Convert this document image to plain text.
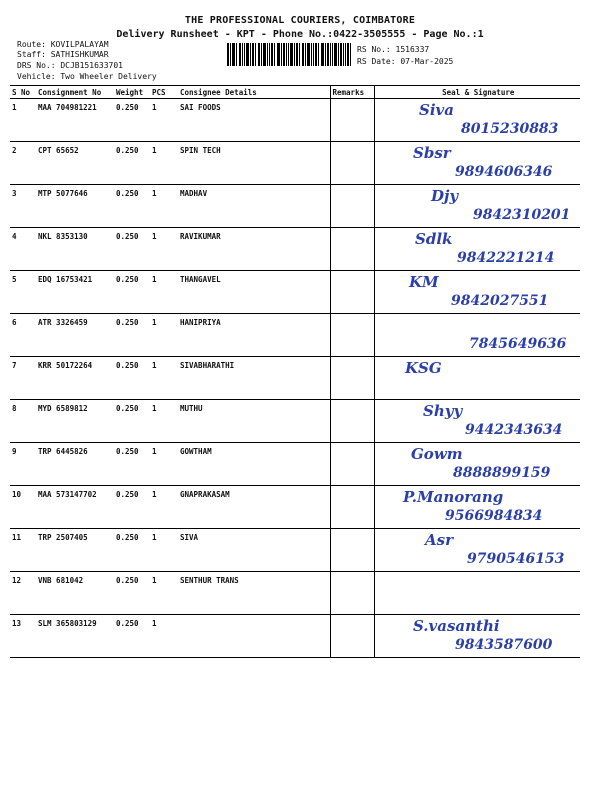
THE PROFESSIONAL COURIERS, COIMBATORE
Delivery Runsheet - KPT - Phone No.:0422-3505555 - Page No.:1
Route: KOVILPALAYAM
Staff: SATHISHKUMAR
DRS No.: DCJB151633701
Vehicle: Two Wheeler Delivery
RS No.: 1516337
RS Date: 07-Mar-2025
S No	Consignment No	Weight	PCS	Consignee Details	Remarks	Seal & Signature
1	MAA 704981221	0.250	1	SAI FOODS		Siva
8015230883

2	CPT 65652	0.250	1	SPIN TECH		Sbsr
9894606346

3	MTP 5077646	0.250	1	MADHAV		Djy
9842310201

4	NKL 8353130	0.250	1	RAVIKUMAR		Sdlk
9842221214

5	EDQ 16753421	0.250	1	THANGAVEL		KM
9842027551

6	ATR 3326459	0.250	1	HANIPRIYA		7845649636

7	KRR 50172264	0.250	1	SIVABHARATHI		KSG

8	MYD 6589812	0.250	1	MUTHU		Shyy
9442343634

9	TRP 6445826	0.250	1	GOWTHAM		Gowm
8888899159

10	MAA 573147702	0.250	1	GNAPRAKASAM		P.Manorang
9566984834

11	TRP 2507405	0.250	1	SIVA		Asr
9790546153

12	VNB 681042	0.250	1	SENTHUR TRANS		

13	SLM 365803129	0.250	1			S.vasanthi
9843587600
